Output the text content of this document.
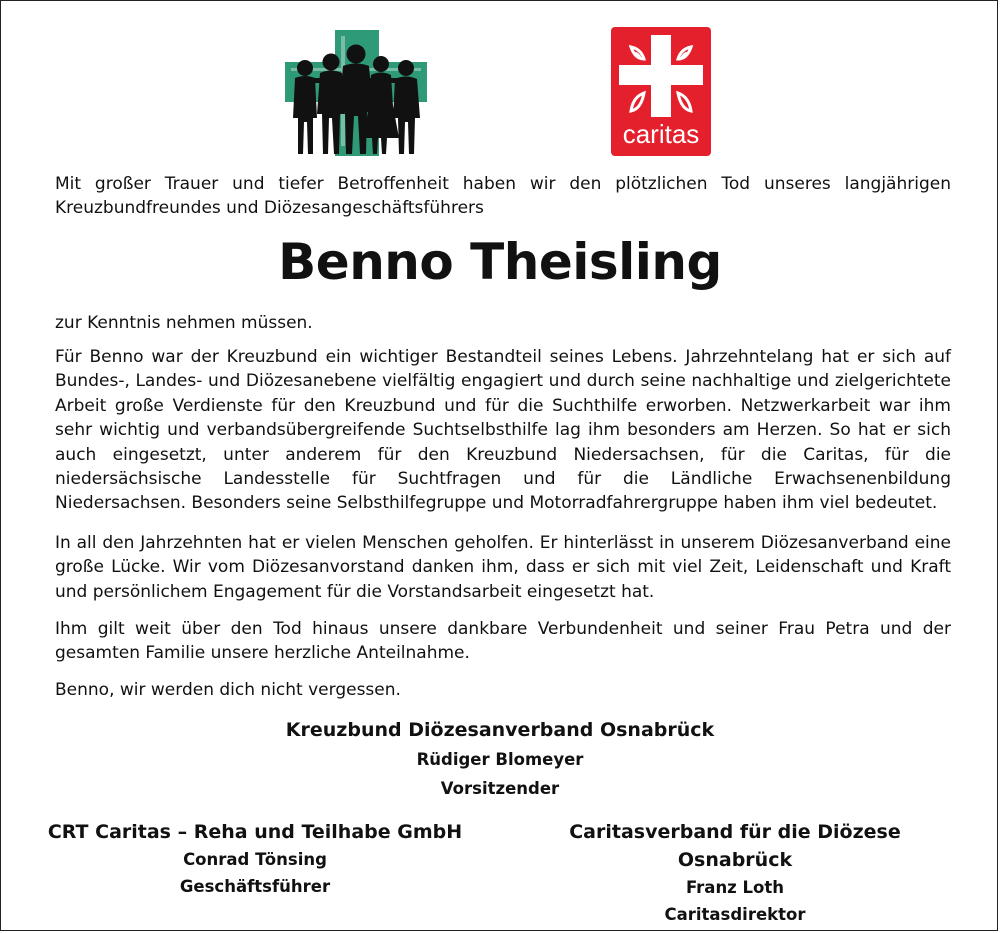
caritas
Mit großer Trauer und tiefer Betroffenheit haben wir den plötzlichen Tod unseres langjährigen Kreuzbundfreundes und Diözesangeschäftsführers
Benno Theisling
zur Kenntnis nehmen müssen.
Für Benno war der Kreuzbund ein wichtiger Bestandteil seines Lebens. Jahrzehntelang hat er sich auf Bundes-, Landes- und Diözesanebene vielfältig engagiert und durch seine nachhaltige und zielgerichtete Arbeit große Verdienste für den Kreuzbund und für die Suchthilfe erworben. Netzwerkarbeit war ihm sehr wichtig und verbandsübergreifende Suchtselbsthilfe lag ihm besonders am Herzen. So hat er sich auch eingesetzt, unter anderem für den Kreuzbund Niedersachsen, für die Caritas, für die niedersächsische Landesstelle für Suchtfragen und für die Ländliche Erwachsenenbildung Niedersachsen. Besonders seine Selbsthilfegruppe und Motorradfahrergruppe haben ihm viel bedeutet.
In all den Jahrzehnten hat er vielen Menschen geholfen. Er hinterlässt in unserem Diözesanverband eine große Lücke. Wir vom Diözesanvorstand danken ihm, dass er sich mit viel Zeit, Leidenschaft und Kraft und persönlichem Engagement für die Vorstandsarbeit eingesetzt hat.
Ihm gilt weit über den Tod hinaus unsere dankbare Verbundenheit und seiner Frau Petra und der gesamten Familie unsere herzliche Anteilnahme.
Benno, wir werden dich nicht vergessen.
Kreuzbund Diözesanverband Osnabrück
Rüdiger Blomeyer
Vorsitzender
CRT Caritas – Reha und Teilhabe GmbH
Conrad Tönsing
Geschäftsführer
Caritasverband für die Diözese Osnabrück
Franz Loth
Caritasdirektor
